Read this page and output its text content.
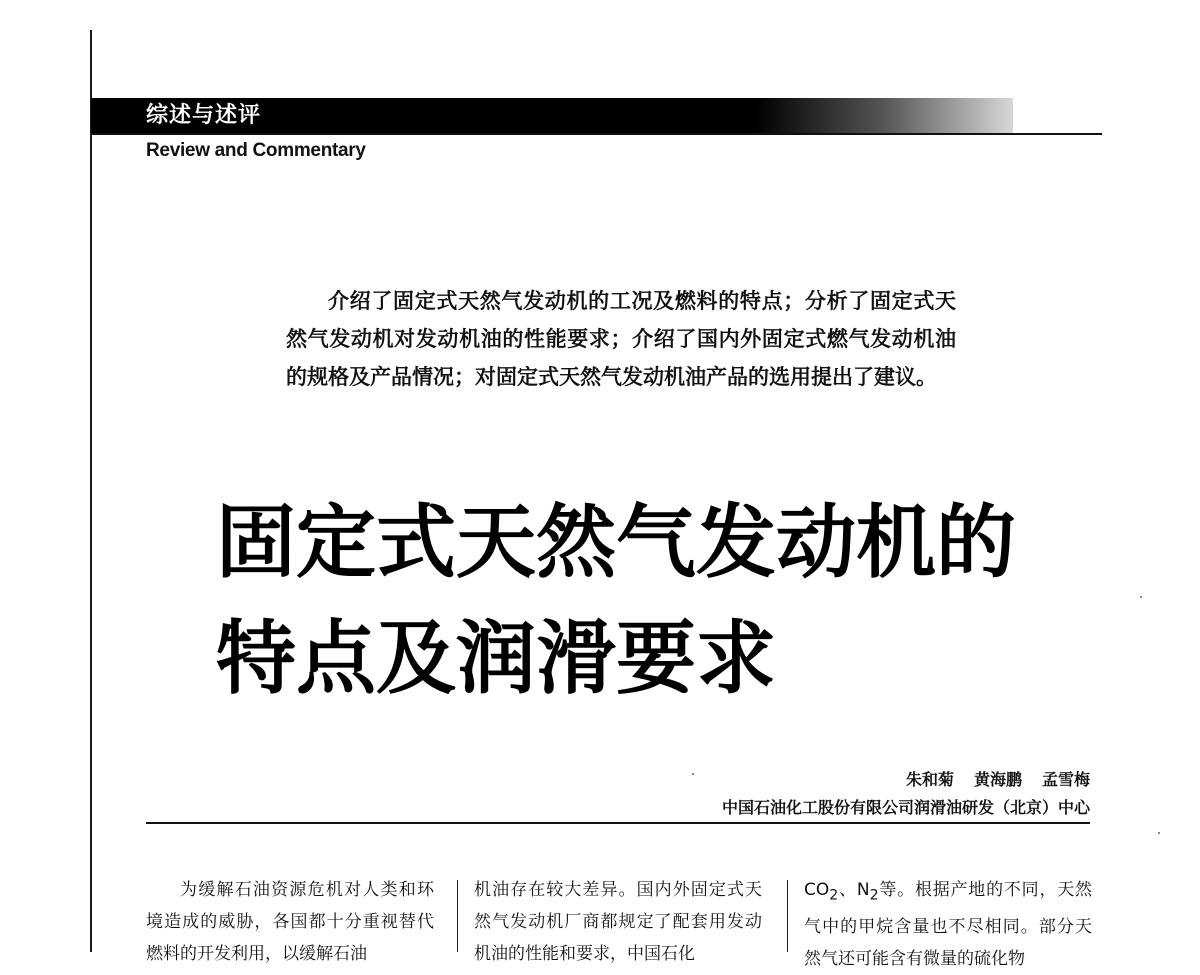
综述与述评
Review and Commentary

介绍了固定式天然气发动机的工况及燃料的特点；分析了固定式天然气发动机对发动机油的性能要求；介绍了国内外固定式燃气发动机油的规格及产品情况；对固定式天然气发动机油产品的选用提出了建议。

固定式天然气发动机的
特点及润滑要求
朱和菊 黄海鹏 孟雪梅
中国石油化工股份有限公司润滑油研发（北京）中心

为缓解石油资源危机对人类和环境造成的威胁，各国都十分重视替代燃料的开发利用，以缓解石油

机油存在较大差异。国内外固定式天然气发动机厂商都规定了配套用发动机油的性能和要求，中国石化

$CO_2$、$N_2$等。根据产地的不同，天然气中的甲烷含量也不尽相同。部分天然气还可能含有微量的硫化物
